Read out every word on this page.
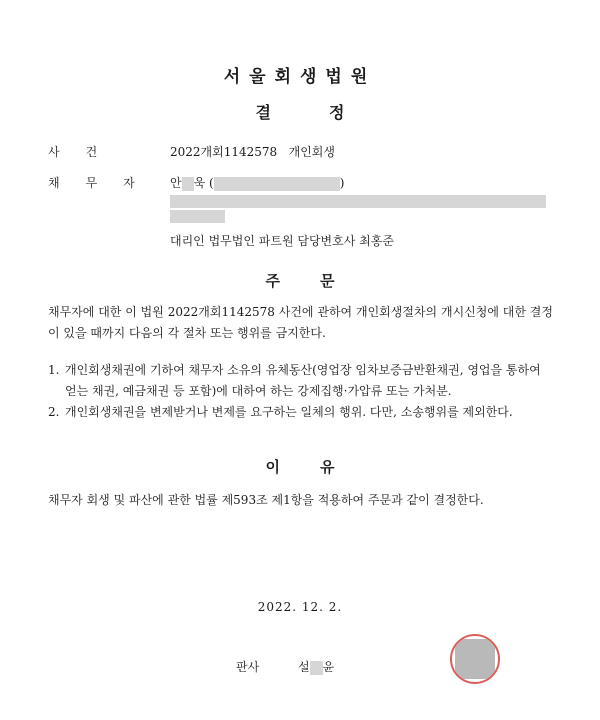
서울회생법원
결정
사건	2022개회1142578 개인회생
채무자 안 욱 (	)
대리인 법무법인 파트원 담당변호사 최홍준
주문
채무자에 대한 이 법원 2022개회1142578 사건에 관하여 개인회생절차의 개시신청에 대한 결정이 있을 때까지 다음의 각 절차 또는 행위를 금지한다.
1. 개인회생채권에 기하여 채무자 소유의 유체동산(영업장 임차보증금반환채권, 영업을 통하여 얻는 채권, 예금채권 등 포함)에 대하여 하는 강제집행·가압류 또는 가처분.
2. 개인회생채권을 변제받거나 변제를 요구하는 일체의 행위. 다만, 소송행위를 제외한다.
이유
채무자 회생 및 파산에 관한 법률 제593조 제1항을 적용하여 주문과 같이 결정한다.
2022. 12. 2.
판사	설 윤
